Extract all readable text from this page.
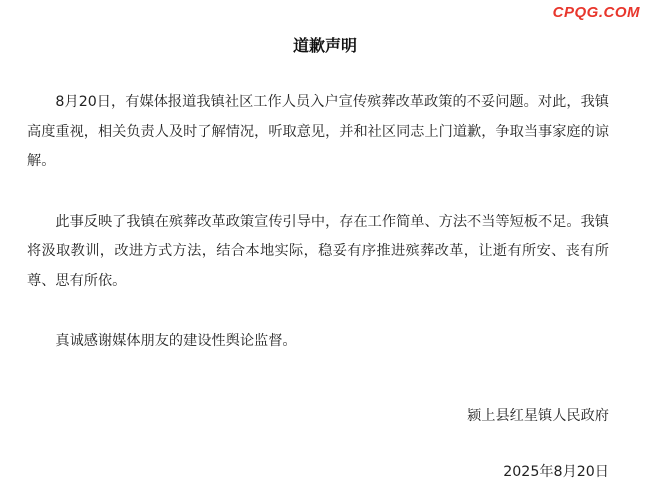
CPQG.COM
道歉声明

8月20日，有媒体报道我镇社区工作人员入户宣传殡葬改革政策的不妥问题。对此，我镇高度重视，相关负责人及时了解情况，听取意见，并和社区同志上门道歉，争取当事家庭的谅解。

此事反映了我镇在殡葬改革政策宣传引导中，存在工作简单、方法不当等短板不足。我镇将汲取教训，改进方式方法，结合本地实际，稳妥有序推进殡葬改革，让逝有所安、丧有所尊、思有所依。

真诚感谢媒体朋友的建设性舆论监督。

颍上县红星镇人民政府
2025年8月20日
